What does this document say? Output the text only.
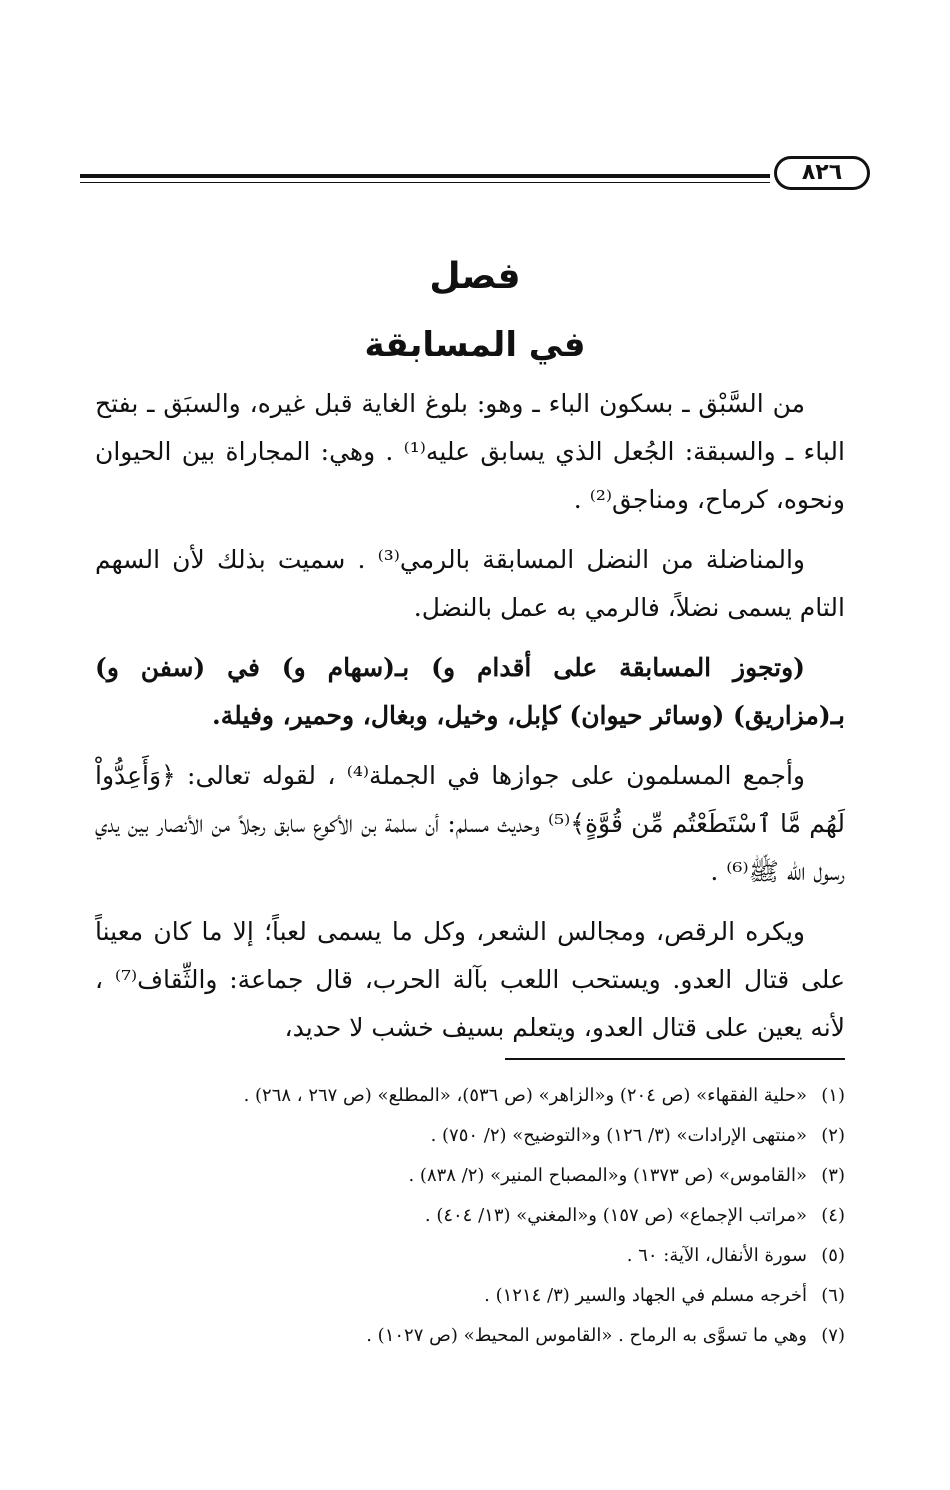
٨٢٦
فصل
في المسابقة

من السَّبْق ـ بسكون الباء ـ وهو: بلوغ الغاية قبل غيره، والسبَق ـ بفتح الباء ـ والسبقة: الجُعل الذي يسابق عليه⁽¹⁾ . وهي: المجاراة بين الحيوان ونحوه، كرماح، ومناجق⁽²⁾ .

والمناضلة من النضل المسابقة بالرمي⁽³⁾ . سميت بذلك لأن السهم التام يسمى نضلاً، فالرمي به عمل بالنضل.

(وتجوز المسابقة على أقدام و) بـ(سهام و) في (سفن و) بـ(مزاريق) (وسائر حيوان) كإبل، وخيل، وبغال، وحمير، وفيلة.

وأجمع المسلمون على جوازها في الجملة⁽⁴⁾ ، لقوله تعالى: ﴿وَأَعِدُّواْ لَهُم مَّا ٱسْتَطَعْتُم مِّن قُوَّةٍ﴾⁽⁵⁾ وحديث مسلم: أن سلمة بن الأكوع سابق رجلاً من الأنصار بين يدي رسول الله ﷺ⁽⁶⁾ .

ويكره الرقص، ومجالس الشعر، وكل ما يسمى لعباً؛ إلا ما كان معيناً على قتال العدو. ويستحب اللعب بآلة الحرب، قال جماعة: والثِّقاف⁽⁷⁾ ، لأنه يعين على قتال العدو، ويتعلم بسيف خشب لا حديد،

(١)
«حلية الفقهاء» (ص ٢٠٤) و«الزاهر» (ص ٥٣٦)، «المطلع» (ص ٢٦٧ ، ٢٦٨) .
(٢)
«منتهى الإرادات» (٣/ ١٢٦) و«التوضيح» (٢/ ٧٥٠) .
(٣)
«القاموس» (ص ١٣٧٣) و«المصباح المنير» (٢/ ٨٣٨) .
(٤)
«مراتب الإجماع» (ص ١٥٧) و«المغني» (١٣/ ٤٠٤) .
(٥)
سورة الأنفال، الآية: ٦٠ .
(٦)
أخرجه مسلم في الجهاد والسير (٣/ ١٢١٤) .
(٧)
وهي ما تسوَّى به الرماح . «القاموس المحيط» (ص ١٠٢٧) .
